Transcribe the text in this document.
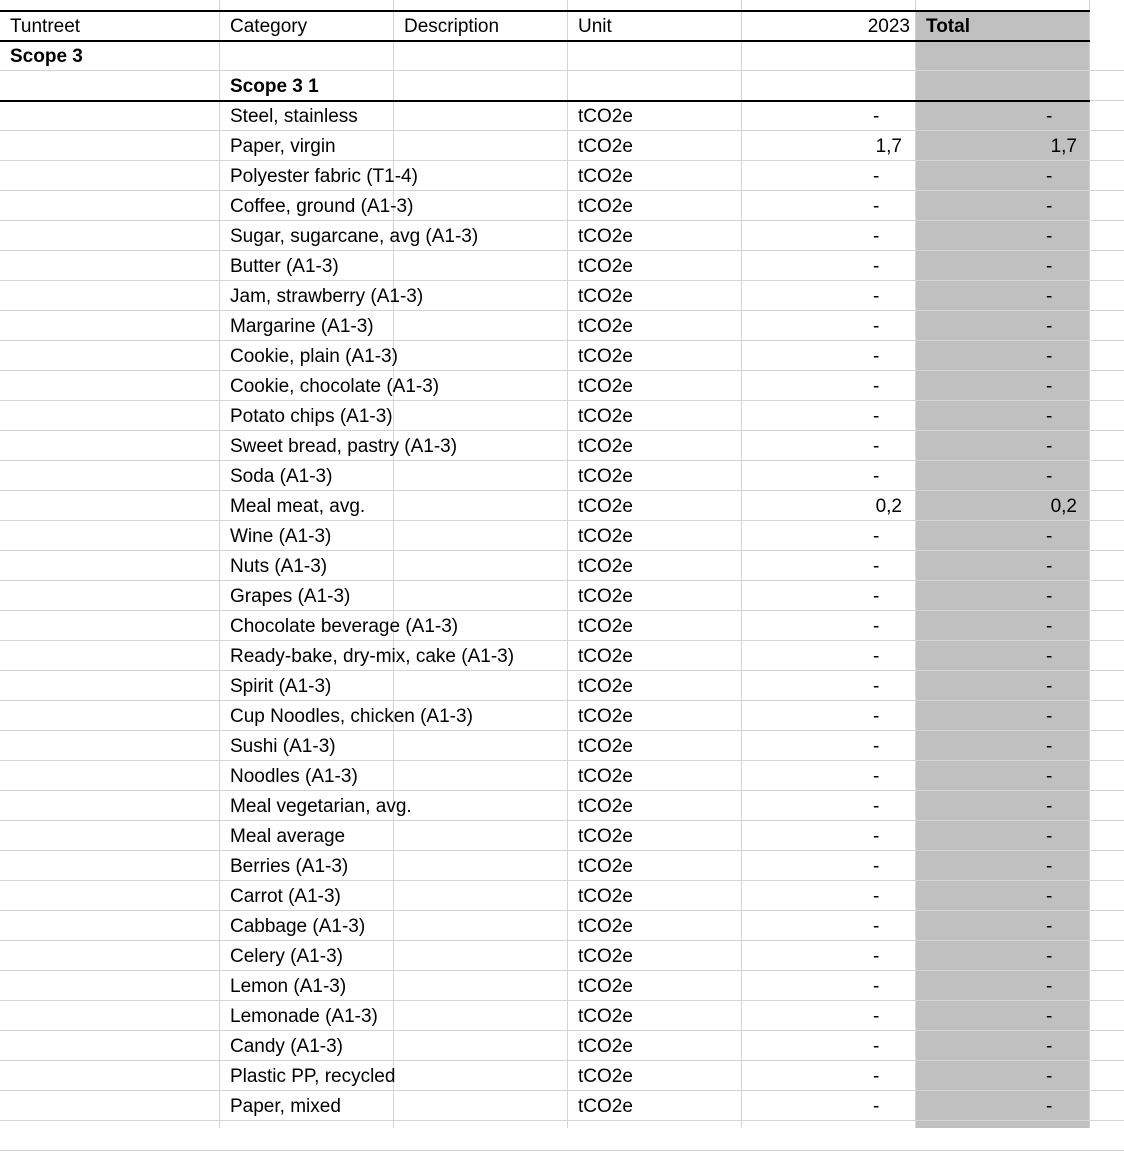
Tuntreet	Category	Description	Unit	2023 Total
Scope 3
Scope 3 1
Steel, stainless	tCO2e	-	-
Paper, virgin	tCO2e	1,7	1,7
Polyester fabric (T1-4)	tCO2e	-	-
Coffee, ground (A1-3)	tCO2e	-	-
Sugar, sugarcane, avg (A1-3)	tCO2e	-	-
Butter (A1-3)	tCO2e	-	-
Jam, strawberry (A1-3)	tCO2e	-	-
Margarine (A1-3)	tCO2e	-	-
Cookie, plain (A1-3)	tCO2e	-	-
Cookie, chocolate (A1-3)	tCO2e	-	-
Potato chips (A1-3)	tCO2e	-	-
Sweet bread, pastry (A1-3)	tCO2e	-	-
Soda (A1-3)	tCO2e	-	-
Meal meat, avg.	tCO2e	0,2	0,2
Wine (A1-3)	tCO2e	-	-
Nuts (A1-3)	tCO2e	-	-
Grapes (A1-3)	tCO2e	-	-
Chocolate beverage (A1-3)	tCO2e	-	-
Ready-bake, dry-mix, cake (A1-3)	tCO2e	-	-
Spirit (A1-3)	tCO2e	-	-
Cup Noodles, chicken (A1-3)	tCO2e	-	-
Sushi (A1-3)	tCO2e	-	-
Noodles (A1-3)	tCO2e	-	-
Meal vegetarian, avg.	tCO2e	-	-
Meal average	tCO2e	-	-
Berries (A1-3)	tCO2e	-	-
Carrot (A1-3)	tCO2e	-	-
Cabbage (A1-3)	tCO2e	-	-
Celery (A1-3)	tCO2e	-	-
Lemon (A1-3)	tCO2e	-	-
Lemonade (A1-3)	tCO2e	-	-
Candy (A1-3)	tCO2e	-	-
Plastic PP, recycled	tCO2e	-	-
Paper, mixed	tCO2e	-	-
